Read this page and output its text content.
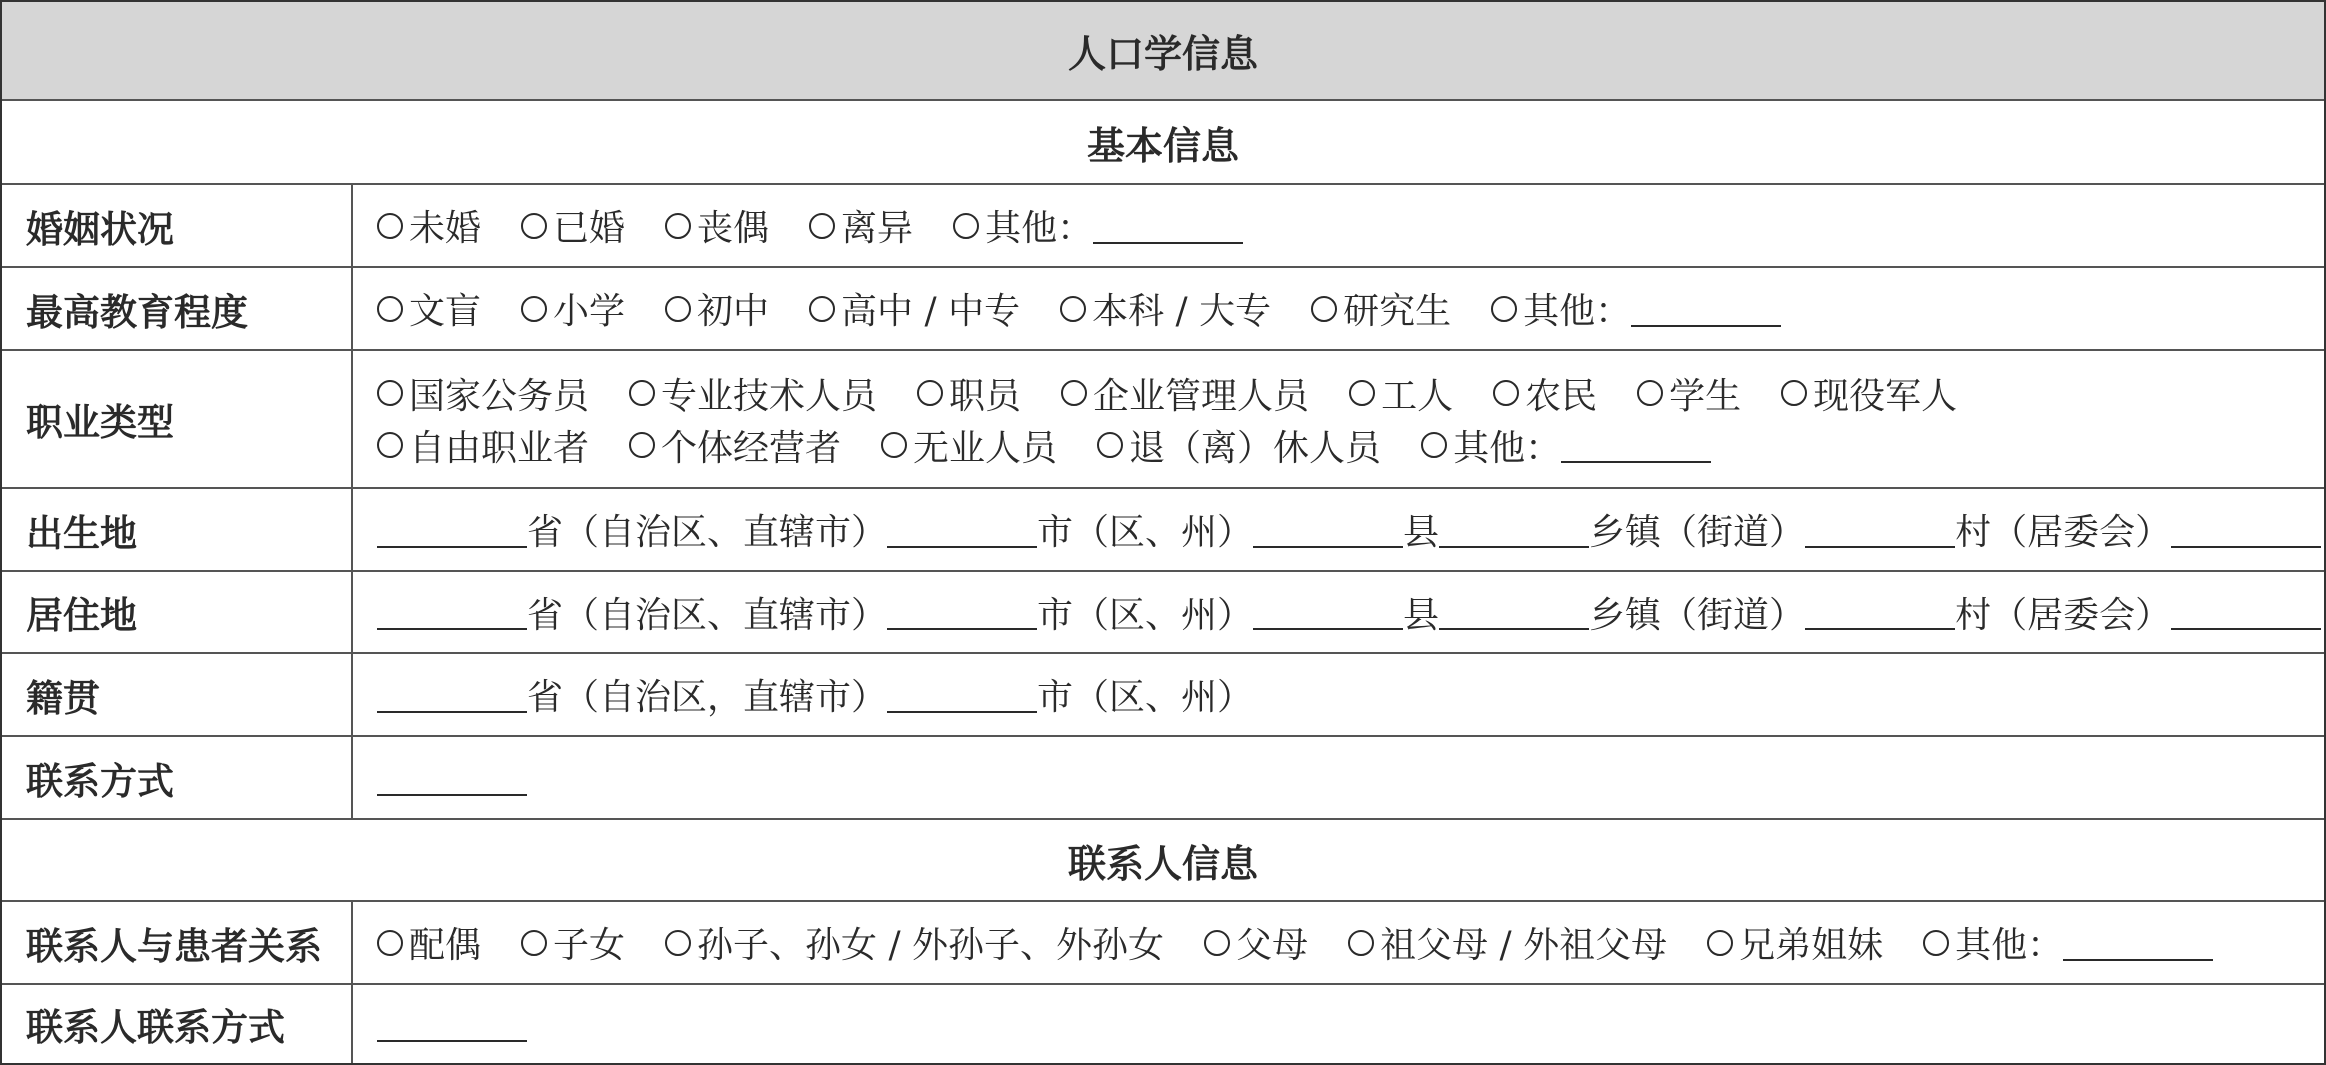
人口学信息
基本信息
婚姻状况	未婚 已婚 丧偶 离异 其他：
最高教育程度	文盲 小学 初中 高中 / 中专 本科 / 大专 研究生 其他：
职业类型
国家公务员 专业技术人员 职员 企业管理人员 工人 农民 学生 现役军人
自由职业者 个体经营者 无业人员 退（离）休人员 其他：
出生地	省（自治区、直辖市）	市（区、州）	县	乡镇（街道）	村（居委会）
居住地	省（自治区、直辖市）	市（区、州）	县	乡镇（街道）	村（居委会）
籍贯	省（自治区，直辖市）	市（区、州）
联系方式
联系人信息
联系人与患者关系	配偶 子女 孙子、孙女 / 外孙子、外孙女 父母 祖父母 / 外祖父母 兄弟姐妹 其他：
联系人联系方式
